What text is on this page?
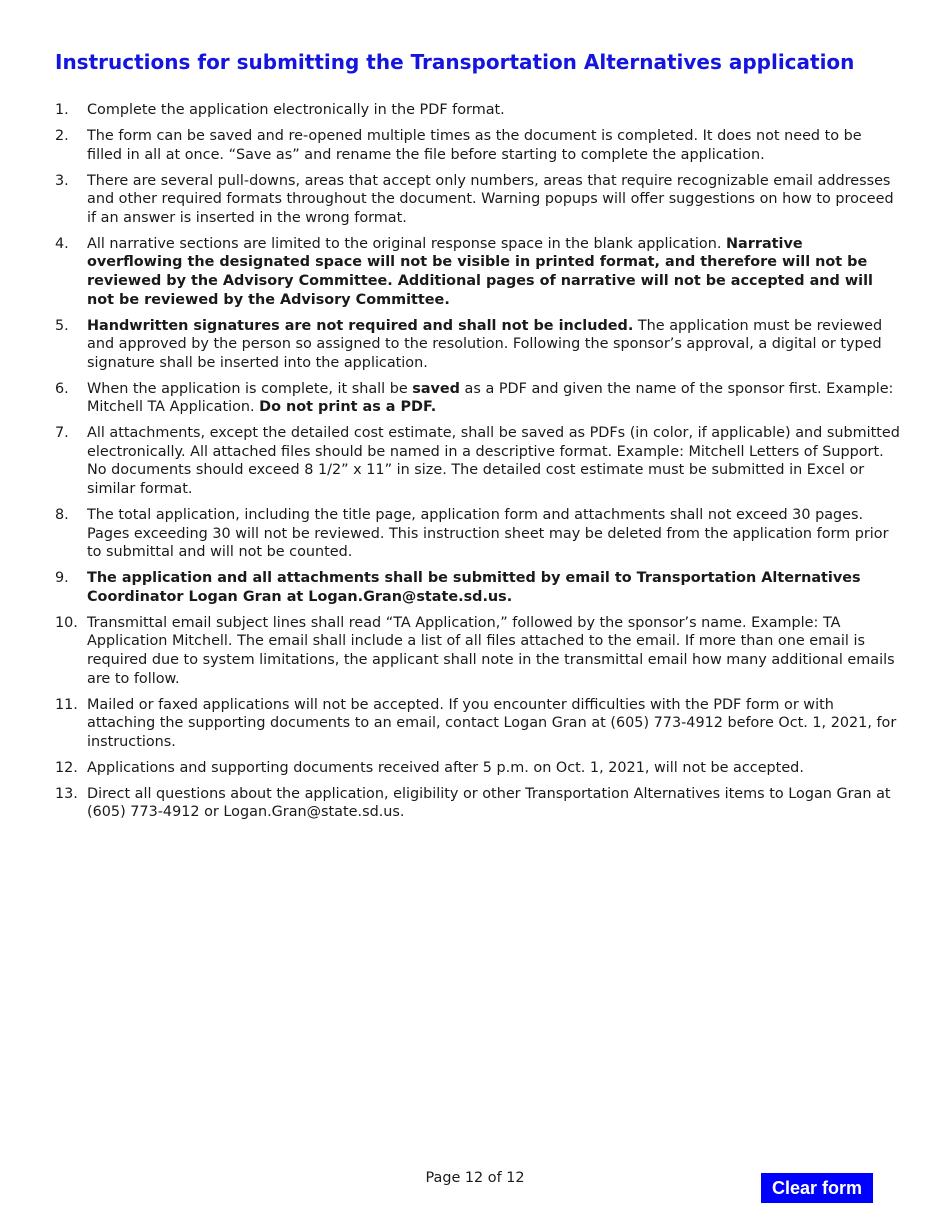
Instructions for submitting the Transportation Alternatives application
1.	Complete the application electronically in the PDF format.
2.	The form can be saved and re-opened multiple times as the document is completed. It does not need to be filled in all at once. “Save as” and rename the file before starting to complete the application.
3.	There are several pull-downs, areas that accept only numbers, areas that require recognizable email addresses and other required formats throughout the document. Warning popups will offer suggestions on how to proceed if an answer is inserted in the wrong format.
4.	All narrative sections are limited to the original response space in the blank application. Narrative overflowing the designated space will not be visible in printed format, and therefore will not be reviewed by the Advisory Committee. Additional pages of narrative will not be accepted and will not be reviewed by the Advisory Committee.
5.	Handwritten signatures are not required and shall not be included. The application must be reviewed and approved by the person so assigned to the resolution. Following the sponsor’s approval, a digital or typed signature shall be inserted into the application.
6.	When the application is complete, it shall be saved as a PDF and given the name of the sponsor first. Example: Mitchell TA Application. Do not print as a PDF.
7.	All attachments, except the detailed cost estimate, shall be saved as PDFs (in color, if applicable) and submitted electronically. All attached files should be named in a descriptive format. Example: Mitchell Letters of Support. No documents should exceed 8 1/2” x 11” in size. The detailed cost estimate must be submitted in Excel or similar format.
8.	The total application, including the title page, application form and attachments shall not exceed 30 pages. Pages exceeding 30 will not be reviewed. This instruction sheet may be deleted from the application form prior to submittal and will not be counted.
9.	The application and all attachments shall be submitted by email to Transportation Alternatives Coordinator Logan Gran at Logan.Gran@state.sd.us.
10. Transmittal email subject lines shall read “TA Application,” followed by the sponsor’s name. Example: TA Application Mitchell. The email shall include a list of all files attached to the email. If more than one email is required due to system limitations, the applicant shall note in the transmittal email how many additional emails are to follow.
11. Mailed or faxed applications will not be accepted. If you encounter difficulties with the PDF form or with attaching the supporting documents to an email, contact Logan Gran at (605) 773-4912 before Oct. 1, 2021, for instructions.
12. Applications and supporting documents received after 5 p.m. on Oct. 1, 2021, will not be accepted.
13. Direct all questions about the application, eligibility or other Transportation Alternatives items to Logan Gran at (605) 773-4912 or Logan.Gran@state.sd.us.
Page 12 of 12	Clear form
